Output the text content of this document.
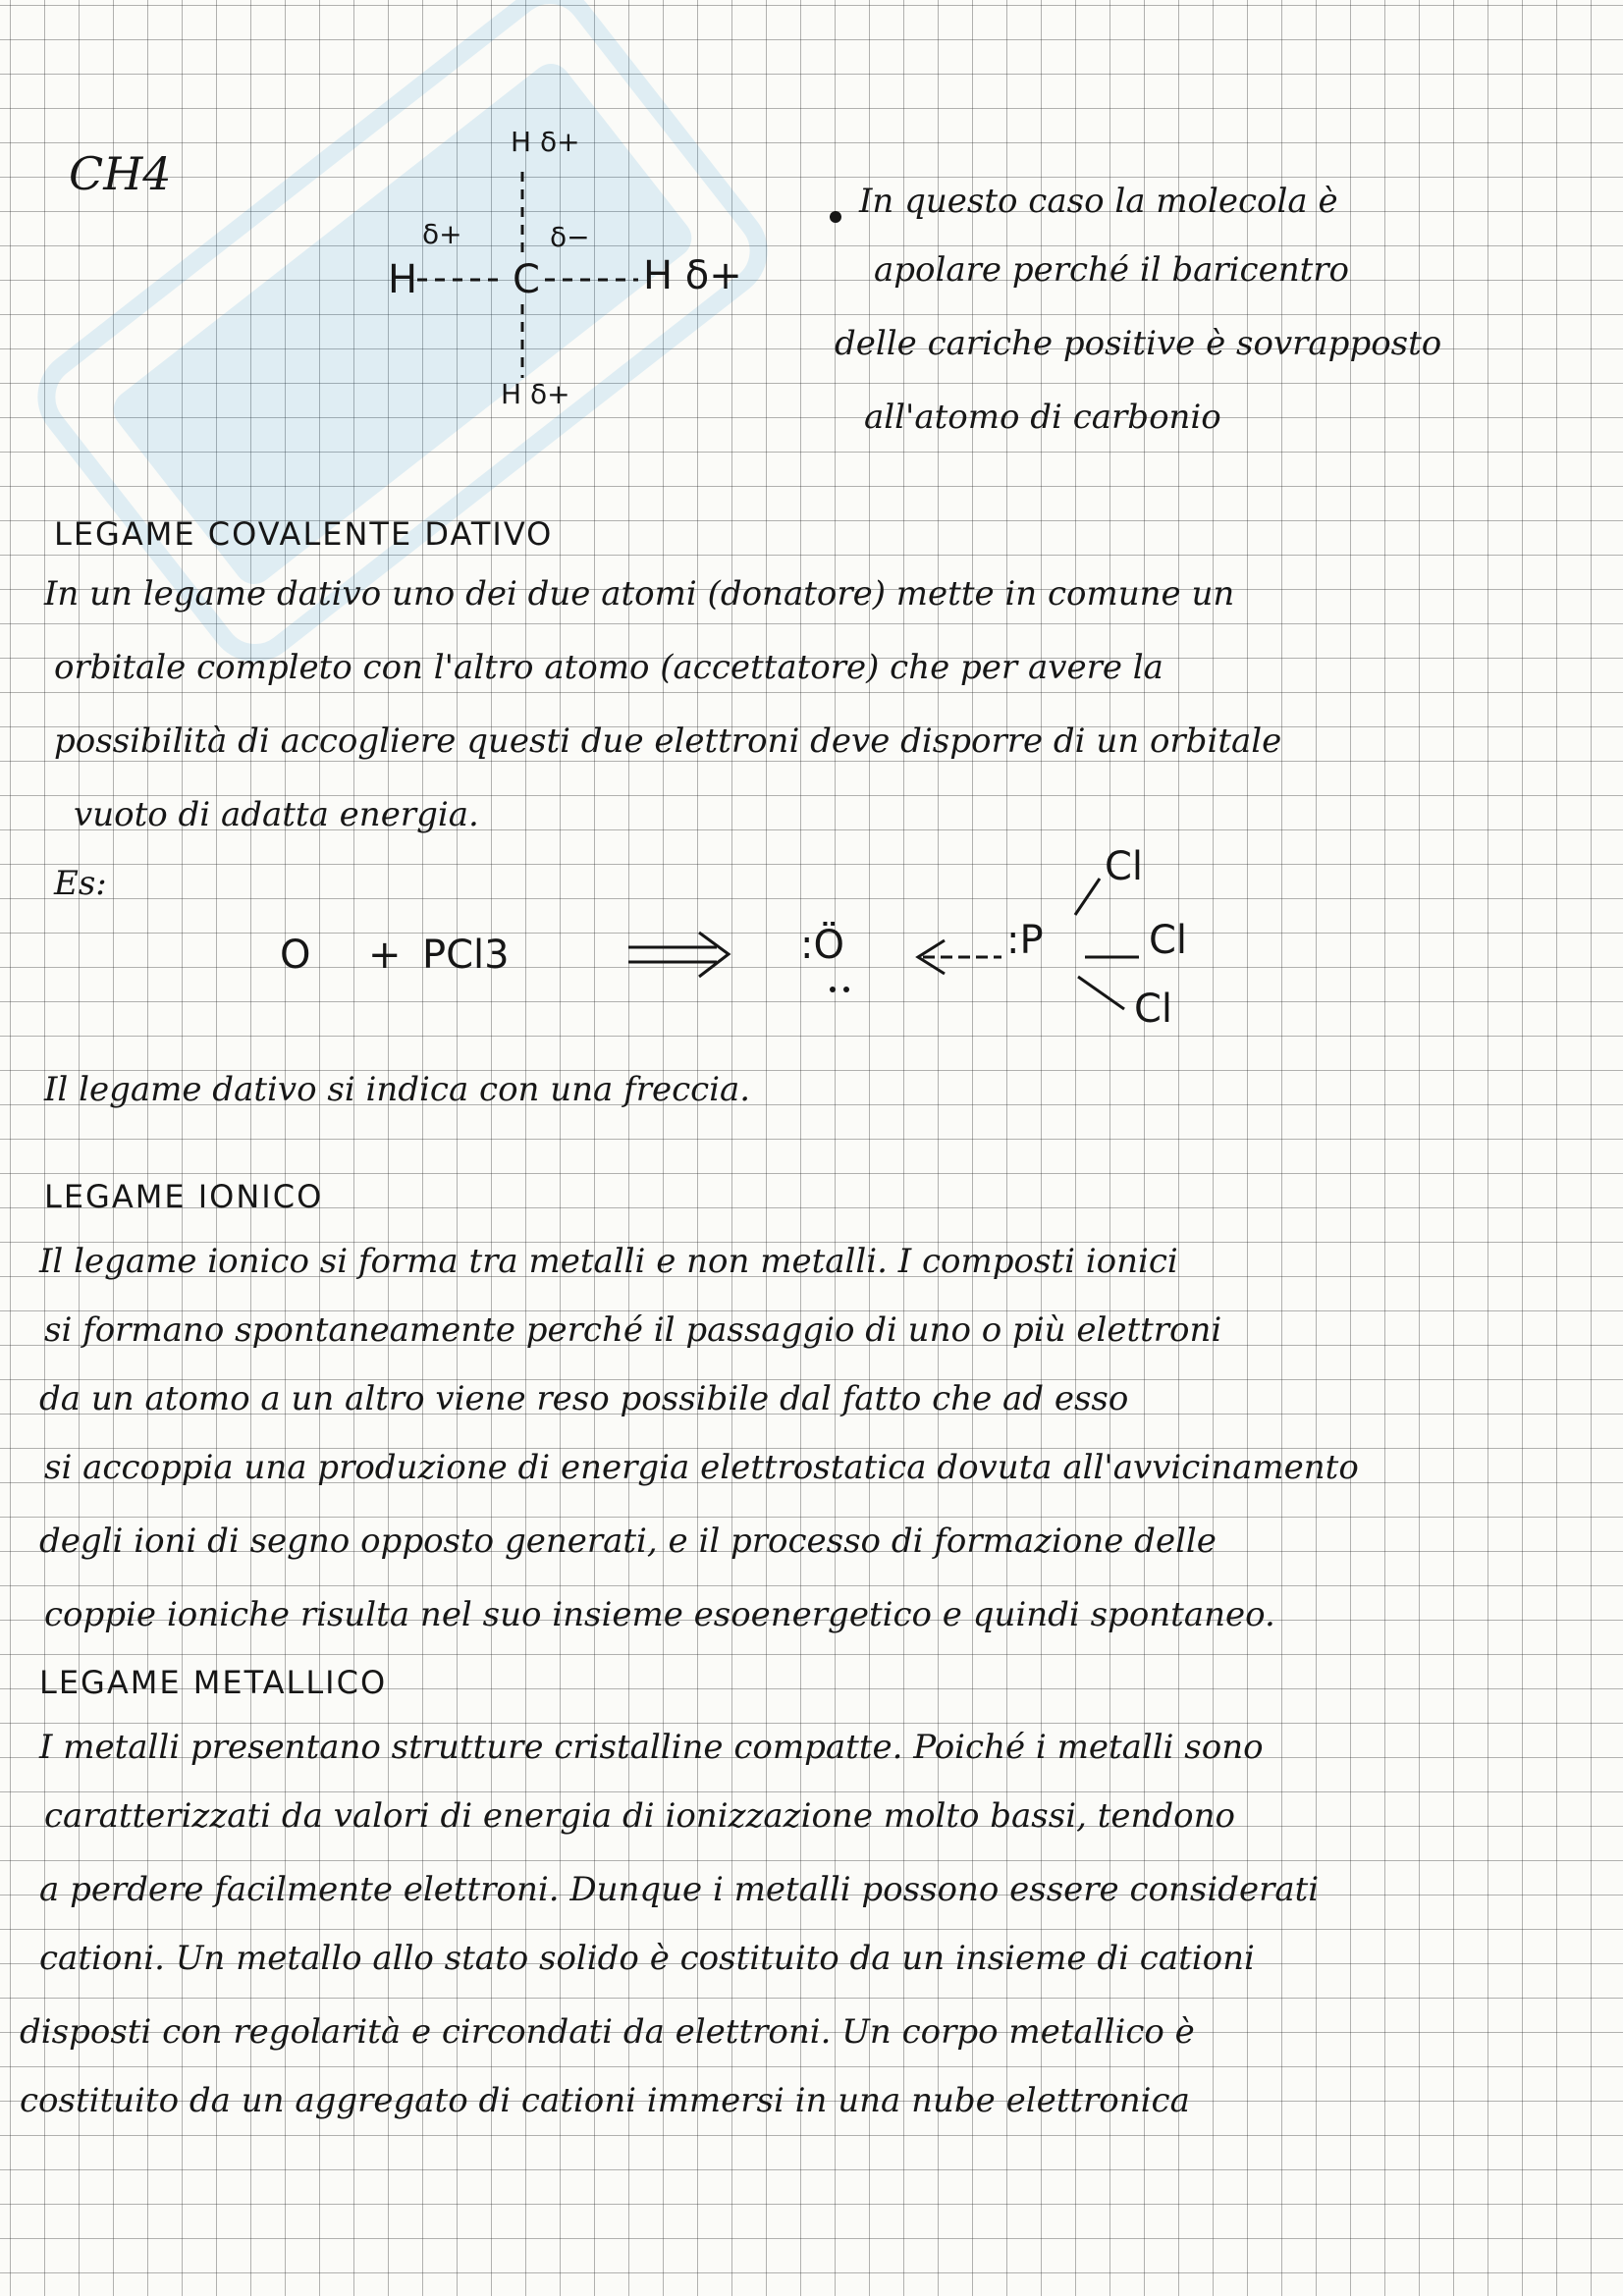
CH4
H δ+
δ+
H
δ−
C	H δ+
H δ+
In questo caso la molecola è
apolare perché il baricentro
delle cariche positive è sovrapposto
all'atomo di carbonio
LEGAME COVALENTE DATIVO
In un legame dativo uno dei due atomi (donatore) mette in comune un
orbitale completo con l'altro atomo (accettatore) che per avere la
possibilità di accogliere questi due elettroni deve disporre di un orbitale
vuoto di adatta energia.
Es:
O + PCl3	:Ö	:P
Cl
Cl
Cl
Il legame dativo si indica con una freccia.
LEGAME IONICO
Il legame ionico si forma tra metalli e non metalli. I composti ionici
si formano spontaneamente perché il passaggio di uno o più elettroni
da un atomo a un altro viene reso possibile dal fatto che ad esso
si accoppia una produzione di energia elettrostatica dovuta all'avvicinamento
degli ioni di segno opposto generati, e il processo di formazione delle
coppie ioniche risulta nel suo insieme esoenergetico e quindi spontaneo.
LEGAME METALLICO
I metalli presentano strutture cristalline compatte. Poiché i metalli sono
caratterizzati da valori di energia di ionizzazione molto bassi, tendono
a perdere facilmente elettroni. Dunque i metalli possono essere considerati
cationi. Un metallo allo stato solido è costituito da un insieme di cationi
disposti con regolarità e circondati da elettroni. Un corpo metallico è
costituito da un aggregato di cationi immersi in una nube elettronica
